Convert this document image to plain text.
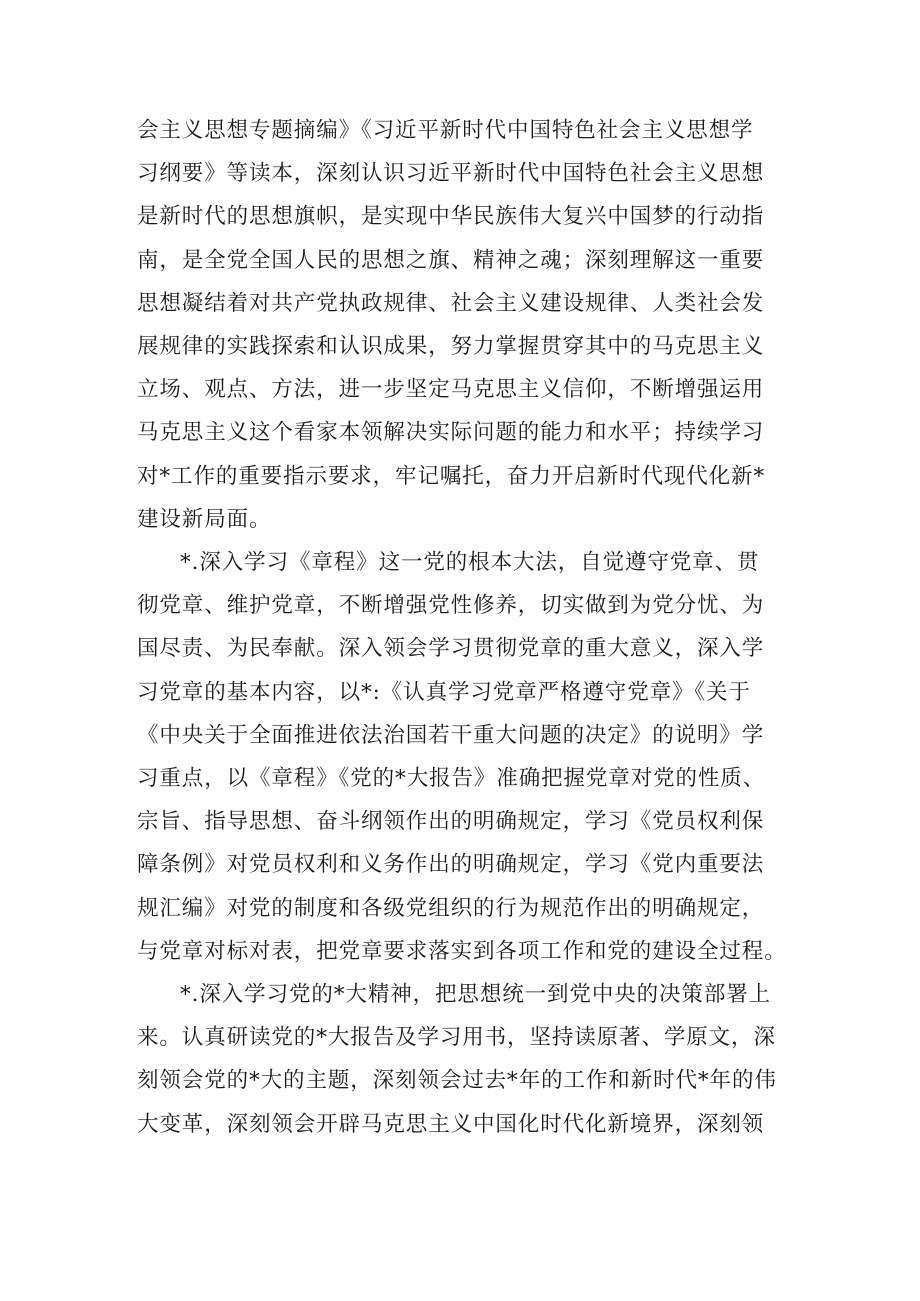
会主义思想专题摘编》《习近平新时代中国特色社会主义思想学
习纲要》等读本，深刻认识习近平新时代中国特色社会主义思想
是新时代的思想旗帜，是实现中华民族伟大复兴中国梦的行动指
南，是全党全国人民的思想之旗、精神之魂；深刻理解这一重要
思想凝结着对共产党执政规律、社会主义建设规律、人类社会发
展规律的实践探索和认识成果，努力掌握贯穿其中的马克思主义
立场、观点、方法，进一步坚定马克思主义信仰，不断增强运用
马克思主义这个看家本领解决实际问题的能力和水平；持续学习
对*工作的重要指示要求，牢记嘱托，奋力开启新时代现代化新*
建设新局面。

*.深入学习《章程》这一党的根本大法，自觉遵守党章、贯
彻党章、维护党章，不断增强党性修养，切实做到为党分忧、为
国尽责、为民奉献。深入领会学习贯彻党章的重大意义，深入学
习党章的基本内容，以*:《认真学习党章严格遵守党章》《关于
《中央关于全面推进依法治国若干重大问题的决定》的说明》学
习重点，以《章程》《党的*大报告》准确把握党章对党的性质、
宗旨、指导思想、奋斗纲领作出的明确规定，学习《党员权利保
障条例》对党员权利和义务作出的明确规定，学习《党内重要法
规汇编》对党的制度和各级党组织的行为规范作出的明确规定，
与党章对标对表，把党章要求落实到各项工作和党的建设全过程。

*.深入学习党的*大精神，把思想统一到党中央的决策部署上
来。认真研读党的*大报告及学习用书，坚持读原著、学原文，深
刻领会党的*大的主题，深刻领会过去*年的工作和新时代*年的伟
大变革，深刻领会开辟马克思主义中国化时代化新境界，深刻领
